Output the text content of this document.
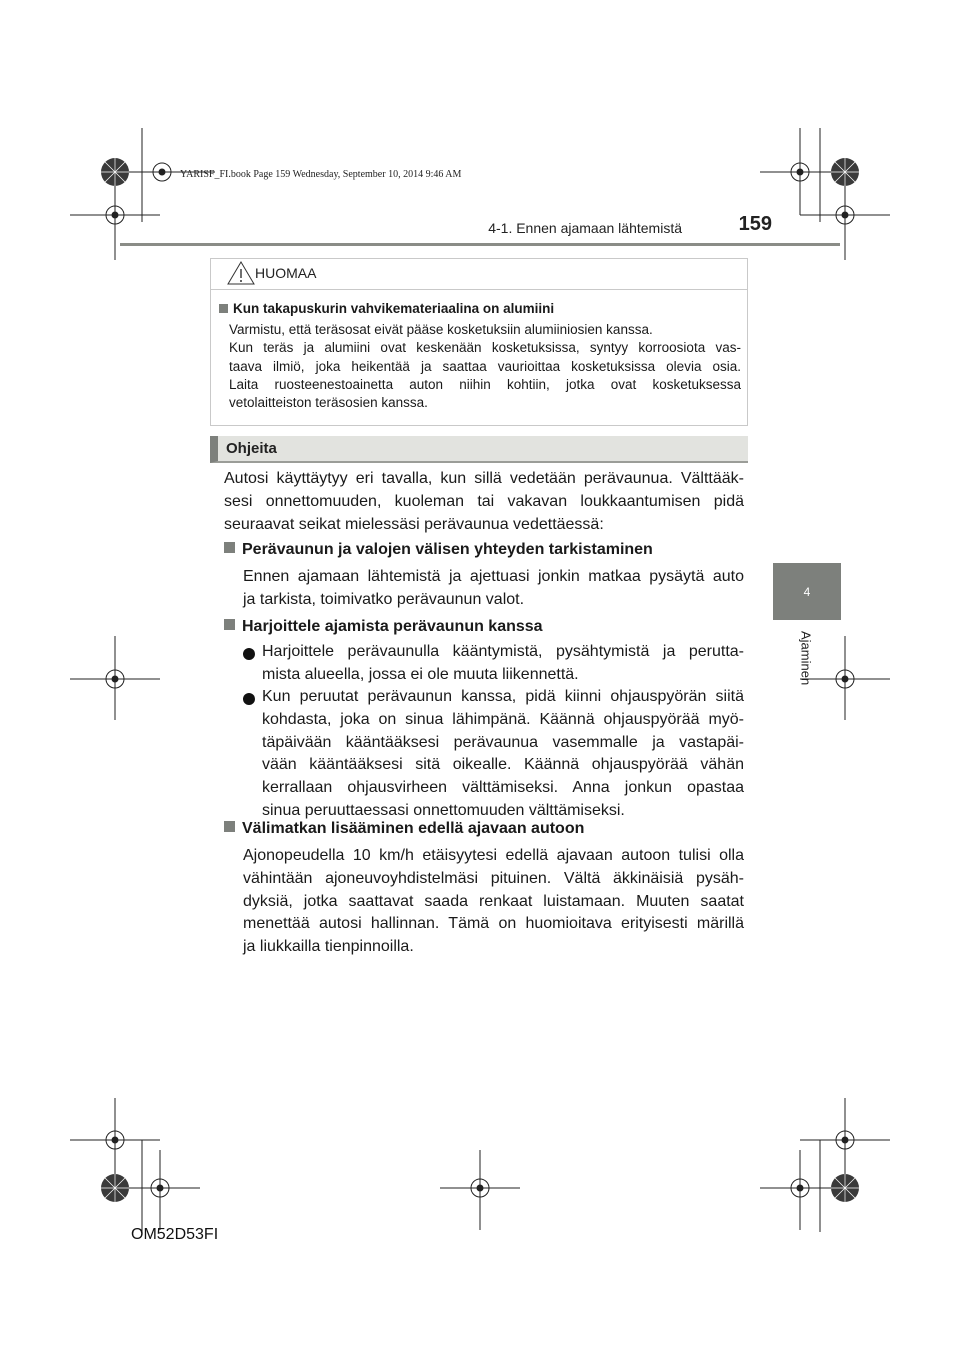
YARISF_FI.book Page 159 Wednesday, September 10, 2014 9:46 AM
4-1. Ennen ajamaan lähtemistä	159
4
Ajaminen
HUOMAA
Kun takapuskurin vahvikemateriaalina on alumiini

Varmistu, että teräsosat eivät pääse kosketuksiin alumiiniosien kanssa.

Kun teräs ja alumiini ovat keskenään kosketuksissa, syntyy korroosiota vas-

taava ilmiö, joka heikentää ja saattaa vaurioittaa kosketuksissa olevia osia.

Laita ruosteenestoainetta auton niihin kohtiin, jotka ovat kosketuksessa

vetolaitteiston teräsosien kanssa.

Ohjeita

Autosi käyttäytyy eri tavalla, kun sillä vedetään perävaunua. Välttääk-

sesi onnettomuuden, kuoleman tai vakavan loukkaantumisen pidä

seuraavat seikat mielessäsi perävaunua vedettäessä:

Perävaunun ja valojen välisen yhteyden tarkistaminen

Ennen ajamaan lähtemistä ja ajettuasi jonkin matkaa pysäytä auto

ja tarkista, toimivatko perävaunun valot.

Harjoittele ajamista perävaunun kanssa

Harjoittele perävaunulla kääntymistä, pysähtymistä ja perutta-

mista alueella, jossa ei ole muuta liikennettä.

Kun peruutat perävaunun kanssa, pidä kiinni ohjauspyörän siitä

kohdasta, joka on sinua lähimpänä. Käännä ohjauspyörää myö-

täpäivään kääntääksesi perävaunua vasemmalle ja vastapäi-

vään kääntääksesi sitä oikealle. Käännä ohjauspyörää vähän

kerrallaan ohjausvirheen välttämiseksi. Anna jonkun opastaa

sinua peruuttaessasi onnettomuuden välttämiseksi.

Välimatkan lisääminen edellä ajavaan autoon

Ajonopeudella 10 km/h etäisyytesi edellä ajavaan autoon tulisi olla

vähintään ajoneuvoyhdistelmäsi pituinen. Vältä äkkinäisiä pysäh-

dyksiä, jotka saattavat saada renkaat luistamaan. Muuten saatat

menettää autosi hallinnan. Tämä on huomioitava erityisesti märillä

ja liukkailla tienpinnoilla.

OM52D53FI
